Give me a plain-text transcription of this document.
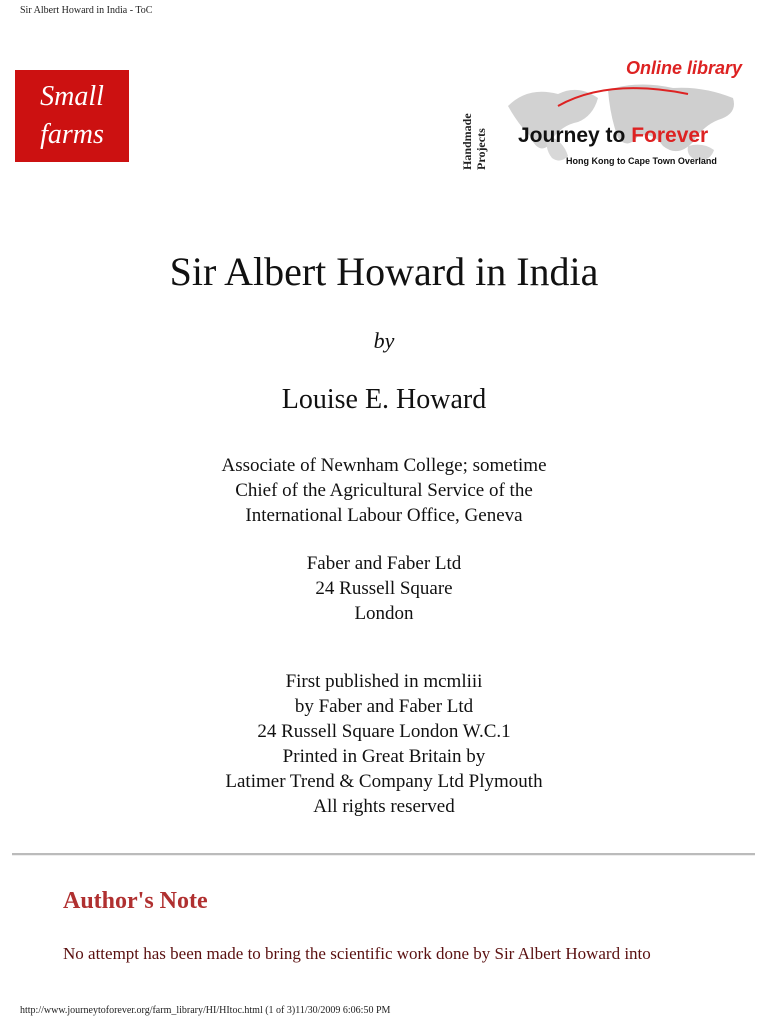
Sir Albert Howard in India - ToC
Small
farms
Online library
Handmade
Projects Journey to Forever
Hong Kong to Cape Town Overland
Sir Albert Howard in India
by
Louise E. Howard
Associate of Newnham College; sometime
Chief of the Agricultural Service of the
International Labour Office, Geneva
Faber and Faber Ltd
24 Russell Square
London
First published in mcmliii
by Faber and Faber Ltd
24 Russell Square London W.C.1
Printed in Great Britain by
Latimer Trend & Company Ltd Plymouth
All rights reserved
Author's Note
No attempt has been made to bring the scientific work done by Sir Albert Howard into
http://www.journeytoforever.org/farm_library/HI/HItoc.html (1 of 3)11/30/2009 6:06:50 PM
